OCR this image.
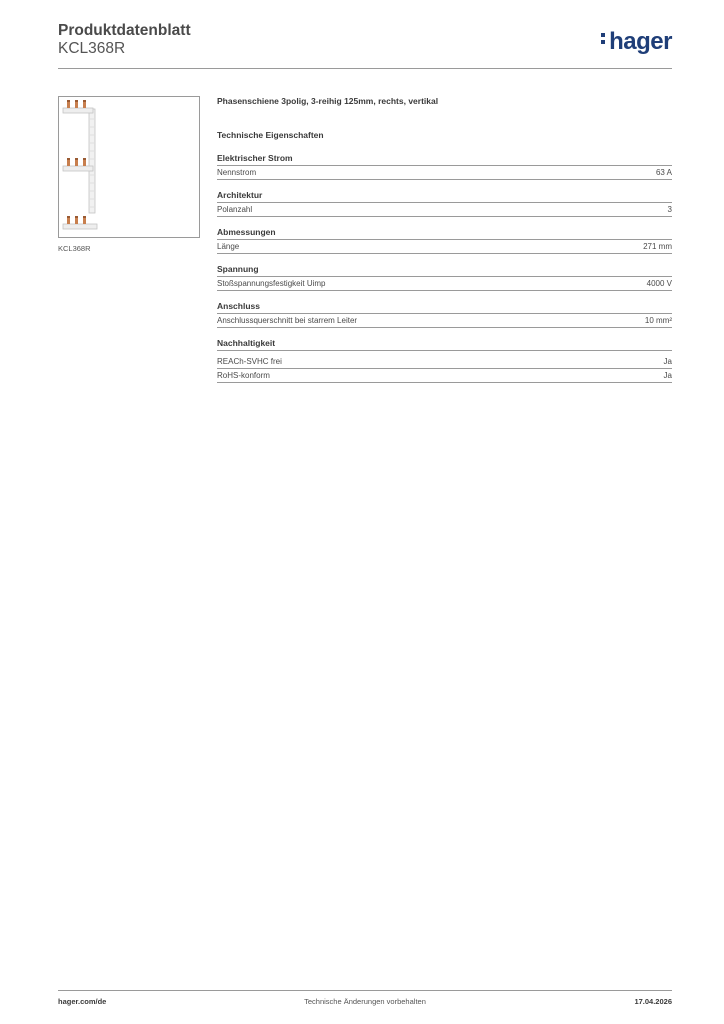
Produktdatenblatt
KCL368R	hager
KCL368R
Phasenschiene 3polig, 3-reihig 125mm, rechts, vertikal
Technische Eigenschaften
Elektrischer Strom
Nennstrom	63 A
Architektur
Polanzahl	3
Abmessungen
Länge	271 mm
Spannung
Stoßspannungsfestigkeit Uimp	4000 V
Anschluss
Anschlussquerschnitt bei starrem Leiter	10 mm²
Nachhaltigkeit
REACh-SVHC frei	Ja
RoHS-konform	Ja
hager.com/de	Technische Änderungen vorbehalten	17.04.2026
